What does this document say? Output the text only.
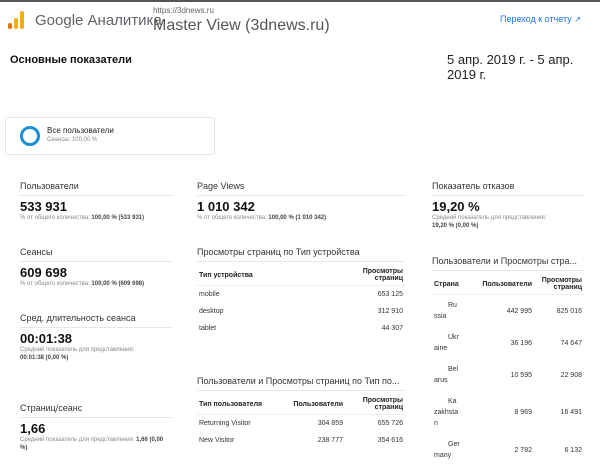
Google Аналитика
https://3dnews.ru
Master View (3dnews.ru)	Переход к отчету ↗
Основные показатели	5 апр. 2019 г. - 5 апр. 2019 г.
Все пользователи
Сеансы: 100,00 %
Пользователи
533 931
% от общего количества: 100,00 % (533 931)
Сеансы
609 698
% от общего количества: 100,00 % (609 698)
Сред. длительность сеанса
00:01:38
Средний показатель для представления:
00:01:38 (0,00 %)
Страниц/сеанс
1,66
Средний показатель для представления: 1,66 (0,00 %)
Page Views
1 010 342
% от общего количества: 100,00 % (1 010 342)
Просмотры страниц по Тип устройства
Тип устройства	Просмотры страниц
mobile	653 125
desktop	312 910
tablet	44 307
Пользователи и Просмотры страниц по Тип по...
Тип пользователя	Пользователи	Просмотры страниц
Returning Visitor	304 859	655 726
New Visitor	238 777	354 616
Показатель отказов
19,20 %
Средний показатель для представления:
19,20 % (0,00 %)
Пользователи и Просмотры стра...
Страна	Пользователи	Просмотры страниц
Russia	442 995	825 016
Ukraine	36 196	74 647
Belarus	10 595	22 908
Kazakhstan	8 969	16 491
Germany	2 782	6 132
